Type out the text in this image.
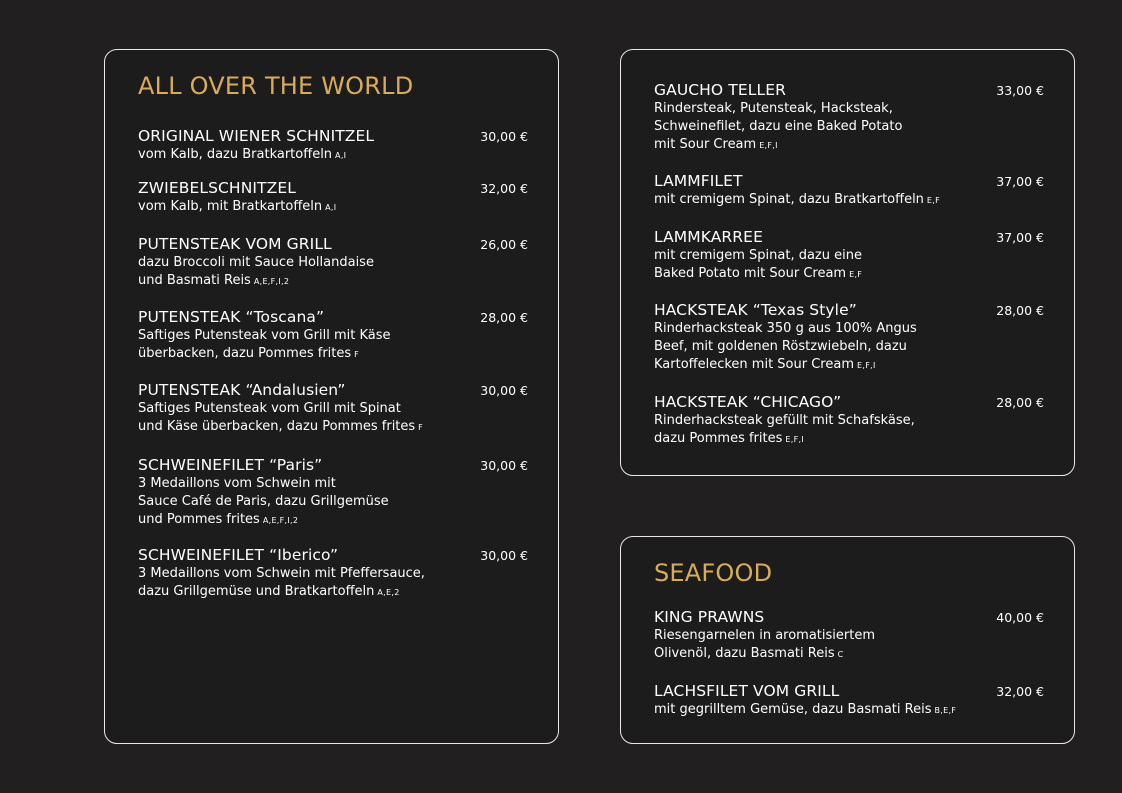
ALL OVER THE WORLD
ORIGINAL WIENER SCHNITZEL	30,00 €
vom Kalb, dazu Bratkartoffeln A,I
ZWIEBELSCHNITZEL	32,00 €
vom Kalb, mit Bratkartoffeln A,I
PUTENSTEAK VOM GRILL	26,00 €
dazu Broccoli mit Sauce Hollandaise
und Basmati Reis A,E,F,I,2
PUTENSTEAK “Toscana”	28,00 €
Saftiges Putensteak vom Grill mit Käse
überbacken, dazu Pommes frites F
PUTENSTEAK “Andalusien”	30,00 €
Saftiges Putensteak vom Grill mit Spinat
und Käse überbacken, dazu Pommes frites F
SCHWEINEFILET “Paris”	30,00 €
3 Medaillons vom Schwein mit
Sauce Café de Paris, dazu Grillgemüse
und Pommes frites A,E,F,I,2
SCHWEINEFILET “Iberico”	30,00 €
3 Medaillons vom Schwein mit Pfeffersauce,
dazu Grillgemüse und Bratkartoffeln A,E,2
GAUCHO TELLER	33,00 €
Rindersteak, Putensteak, Hacksteak,
Schweinefilet, dazu eine Baked Potato
mit Sour Cream E,F,I
LAMMFILET	37,00 €
mit cremigem Spinat, dazu Bratkartoffeln E,F
LAMMKARREE	37,00 €
mit cremigem Spinat, dazu eine
Baked Potato mit Sour Cream E,F
HACKSTEAK “Texas Style”	28,00 €
Rinderhacksteak 350 g aus 100% Angus
Beef, mit goldenen Röstzwiebeln, dazu
Kartoffelecken mit Sour Cream E,F,I
HACKSTEAK “CHICAGO”	28,00 €
Rinderhacksteak gefüllt mit Schafskäse,
dazu Pommes frites E,F,I
SEAFOOD
KING PRAWNS	40,00 €
Riesengarnelen in aromatisiertem
Olivenöl, dazu Basmati Reis C
LACHSFILET VOM GRILL	32,00 €
mit gegrilltem Gemüse, dazu Basmati Reis B,E,F
